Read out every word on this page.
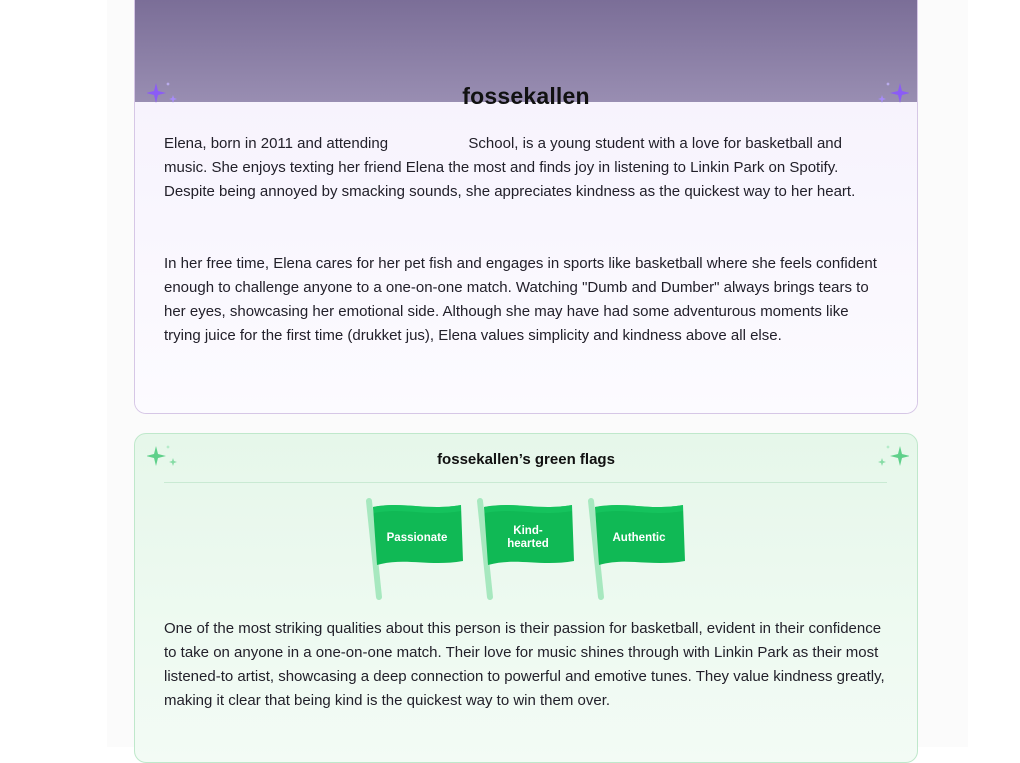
fossekallen

Elena, born in 2011 and attending	School, is a young student with a love for basketball and music. She enjoys texting her friend Elena the most and finds joy in listening to Linkin Park on Spotify. Despite being annoyed by smacking sounds, she appreciates kindness as the quickest way to her heart.

In her free time, Elena cares for her pet fish and engages in sports like basketball where she feels confident enough to challenge anyone to a one-on-one match. Watching "Dumb and Dumber" always brings tears to her eyes, showcasing her emotional side. Although she may have had some adventurous moments like trying juice for the first time (drukket jus), Elena values simplicity and kindness above all else.

fossekallen’s green flags
Passionate
Kind-
hearted
Authentic

One of the most striking qualities about this person is their passion for basketball, evident in their confidence to take on anyone in a one-on-one match. Their love for music shines through with Linkin Park as their most listened-to artist, showcasing a deep connection to powerful and emotive tunes. They value kindness greatly, making it clear that being kind is the quickest way to win them over.
